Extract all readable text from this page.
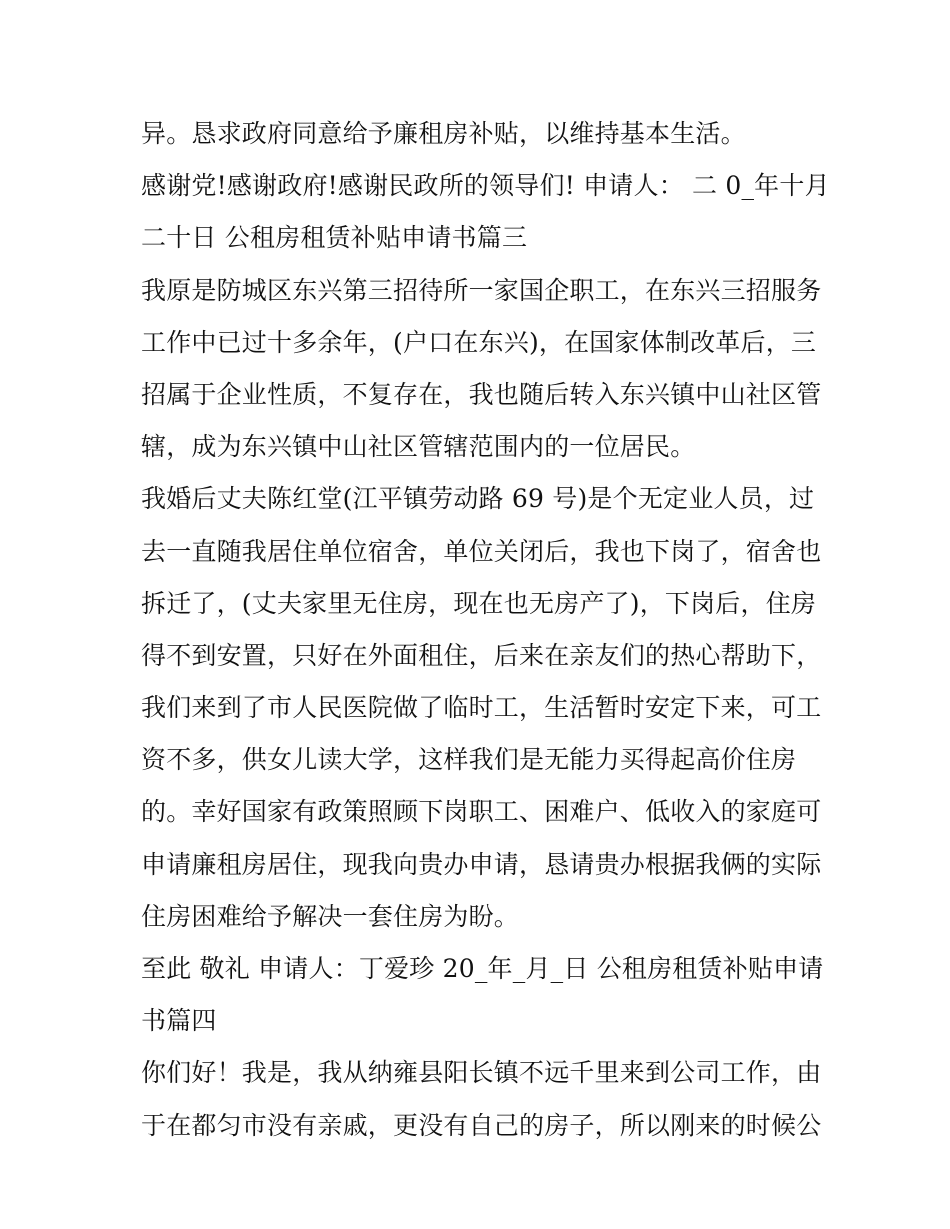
异。恳求政府同意给予廉租房补贴，以维持基本生活。
感谢党!感谢政府!感谢民政所的领导们! 申请人： 二 0_年十月
二十日 公租房租赁补贴申请书篇三
我原是防城区东兴第三招待所一家国企职工，在东兴三招服务
工作中已过十多余年，(户口在东兴)，在国家体制改革后，三
招属于企业性质，不复存在，我也随后转入东兴镇中山社区管
辖，成为东兴镇中山社区管辖范围内的一位居民。
我婚后丈夫陈红堂(江平镇劳动路 69 号)是个无定业人员，过
去一直随我居住单位宿舍，单位关闭后，我也下岗了，宿舍也
拆迁了，(丈夫家里无住房，现在也无房产了)，下岗后，住房
得不到安置，只好在外面租住，后来在亲友们的热心帮助下，
我们来到了市人民医院做了临时工，生活暂时安定下来，可工
资不多，供女儿读大学，这样我们是无能力买得起高价住房
的。幸好国家有政策照顾下岗职工、困难户、低收入的家庭可
申请廉租房居住，现我向贵办申请，恳请贵办根据我俩的实际
住房困难给予解决一套住房为盼。
至此 敬礼 申请人：丁爱珍 20_年_月_日 公租房租赁补贴申请
书篇四
你们好！我是，我从纳雍县阳长镇不远千里来到公司工作，由
于在都匀市没有亲戚，更没有自己的房子，所以刚来的时候公
